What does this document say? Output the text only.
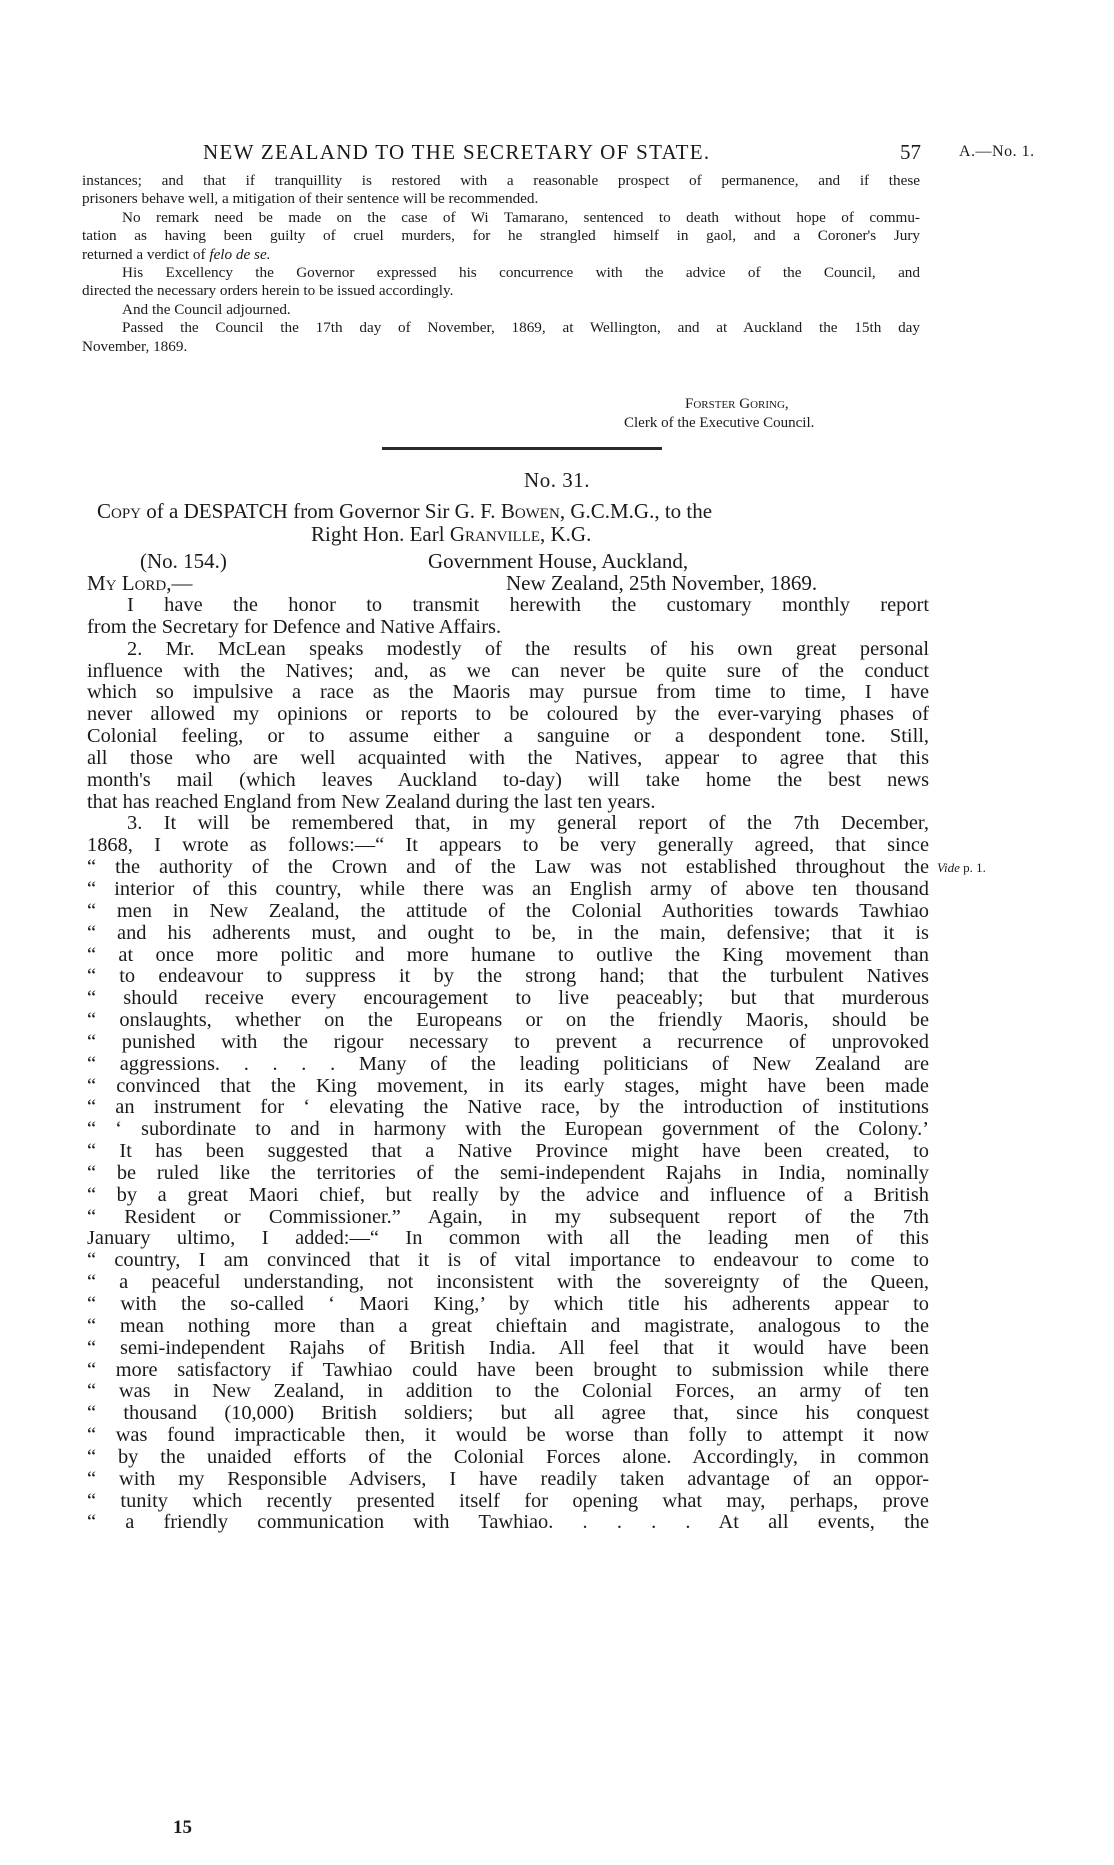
NEW ZEALAND TO THE SECRETARY OF STATE.	57 A.—No. 1.

instances; and that if tranquillity is restored with a reasonable prospect of permanence, and if these

prisoners behave well, a mitigation of their sentence will be recommended.

No remark need be made on the case of Wi Tamarano, sentenced to death without hope of commu-

tation as having been guilty of cruel murders, for he strangled himself in gaol, and a Coroner's Jury

returned a verdict of felo de se.

His Excellency the Governor expressed his concurrence with the advice of the Council, and

directed the necessary orders herein to be issued accordingly.

And the Council adjourned.

Passed the Council the 17th day of November, 1869, at Wellington, and at Auckland the 15th day

November, 1869.

Forster Goring,
Clerk of the Executive Council.
No. 31.
Copy of a DESPATCH from Governor Sir G. F. Bowen, G.C.M.G., to the
Right Hon. Earl Granville, K.G.
(No. 154.)	Government House, Auckland,
My Lord,—	New Zealand, 25th November, 1869.
I have the honor to transmit herewith the customary monthly report
from the Secretary for Defence and Native Affairs.
2. Mr. McLean speaks modestly of the results of his own great personal
influence with the Natives; and, as we can never be quite sure of the conduct
which so impulsive a race as the Maoris may pursue from time to time, I have
never allowed my opinions or reports to be coloured by the ever-varying phases of
Colonial feeling, or to assume either a sanguine or a despondent tone. Still,
all those who are well acquainted with the Natives, appear to agree that this
month's mail (which leaves Auckland to-day) will take home the best news
that has reached England from New Zealand during the last ten years.
3. It will be remembered that, in my general report of the 7th December,
1868, I wrote as follows:—“ It appears to be very generally agreed, that since
“ the authority of the Crown and of the Law was not established throughout the
“ interior of this country, while there was an English army of above ten thousand
“ men in New Zealand, the attitude of the Colonial Authorities towards Tawhiao
“ and his adherents must, and ought to be, in the main, defensive; that it is
“ at once more politic and more humane to outlive the King movement than
“ to endeavour to suppress it by the strong hand; that the turbulent Natives
“ should receive every encouragement to live peaceably; but that murderous
“ onslaughts, whether on the Europeans or on the friendly Maoris, should be
“ punished with the rigour necessary to prevent a recurrence of unprovoked
“ aggressions. . . . . Many of the leading politicians of New Zealand are
“ convinced that the King movement, in its early stages, might have been made
“ an instrument for ‘ elevating the Native race, by the introduction of institutions
“ ‘ subordinate to and in harmony with the European government of the Colony.’
“ It has been suggested that a Native Province might have been created, to
“ be ruled like the territories of the semi-independent Rajahs in India, nominally
“ by a great Maori chief, but really by the advice and influence of a British
“ Resident or Commissioner.” Again, in my subsequent report of the 7th
January ultimo, I added:—“ In common with all the leading men of this
“ country, I am convinced that it is of vital importance to endeavour to come to
“ a peaceful understanding, not inconsistent with the sovereignty of the Queen,
“ with the so-called ‘ Maori King,’ by which title his adherents appear to
“ mean nothing more than a great chieftain and magistrate, analogous to the
“ semi-independent Rajahs of British India. All feel that it would have been
“ more satisfactory if Tawhiao could have been brought to submission while there
“ was in New Zealand, in addition to the Colonial Forces, an army of ten
“ thousand (10,000) British soldiers; but all agree that, since his conquest
“ was found impracticable then, it would be worse than folly to attempt it now
“ by the unaided efforts of the Colonial Forces alone. Accordingly, in common
“ with my Responsible Advisers, I have readily taken advantage of an oppor-
“ tunity which recently presented itself for opening what may, perhaps, prove
“ a friendly communication with Tawhiao. . . . . At all events, the
Vide p. 1.
15
